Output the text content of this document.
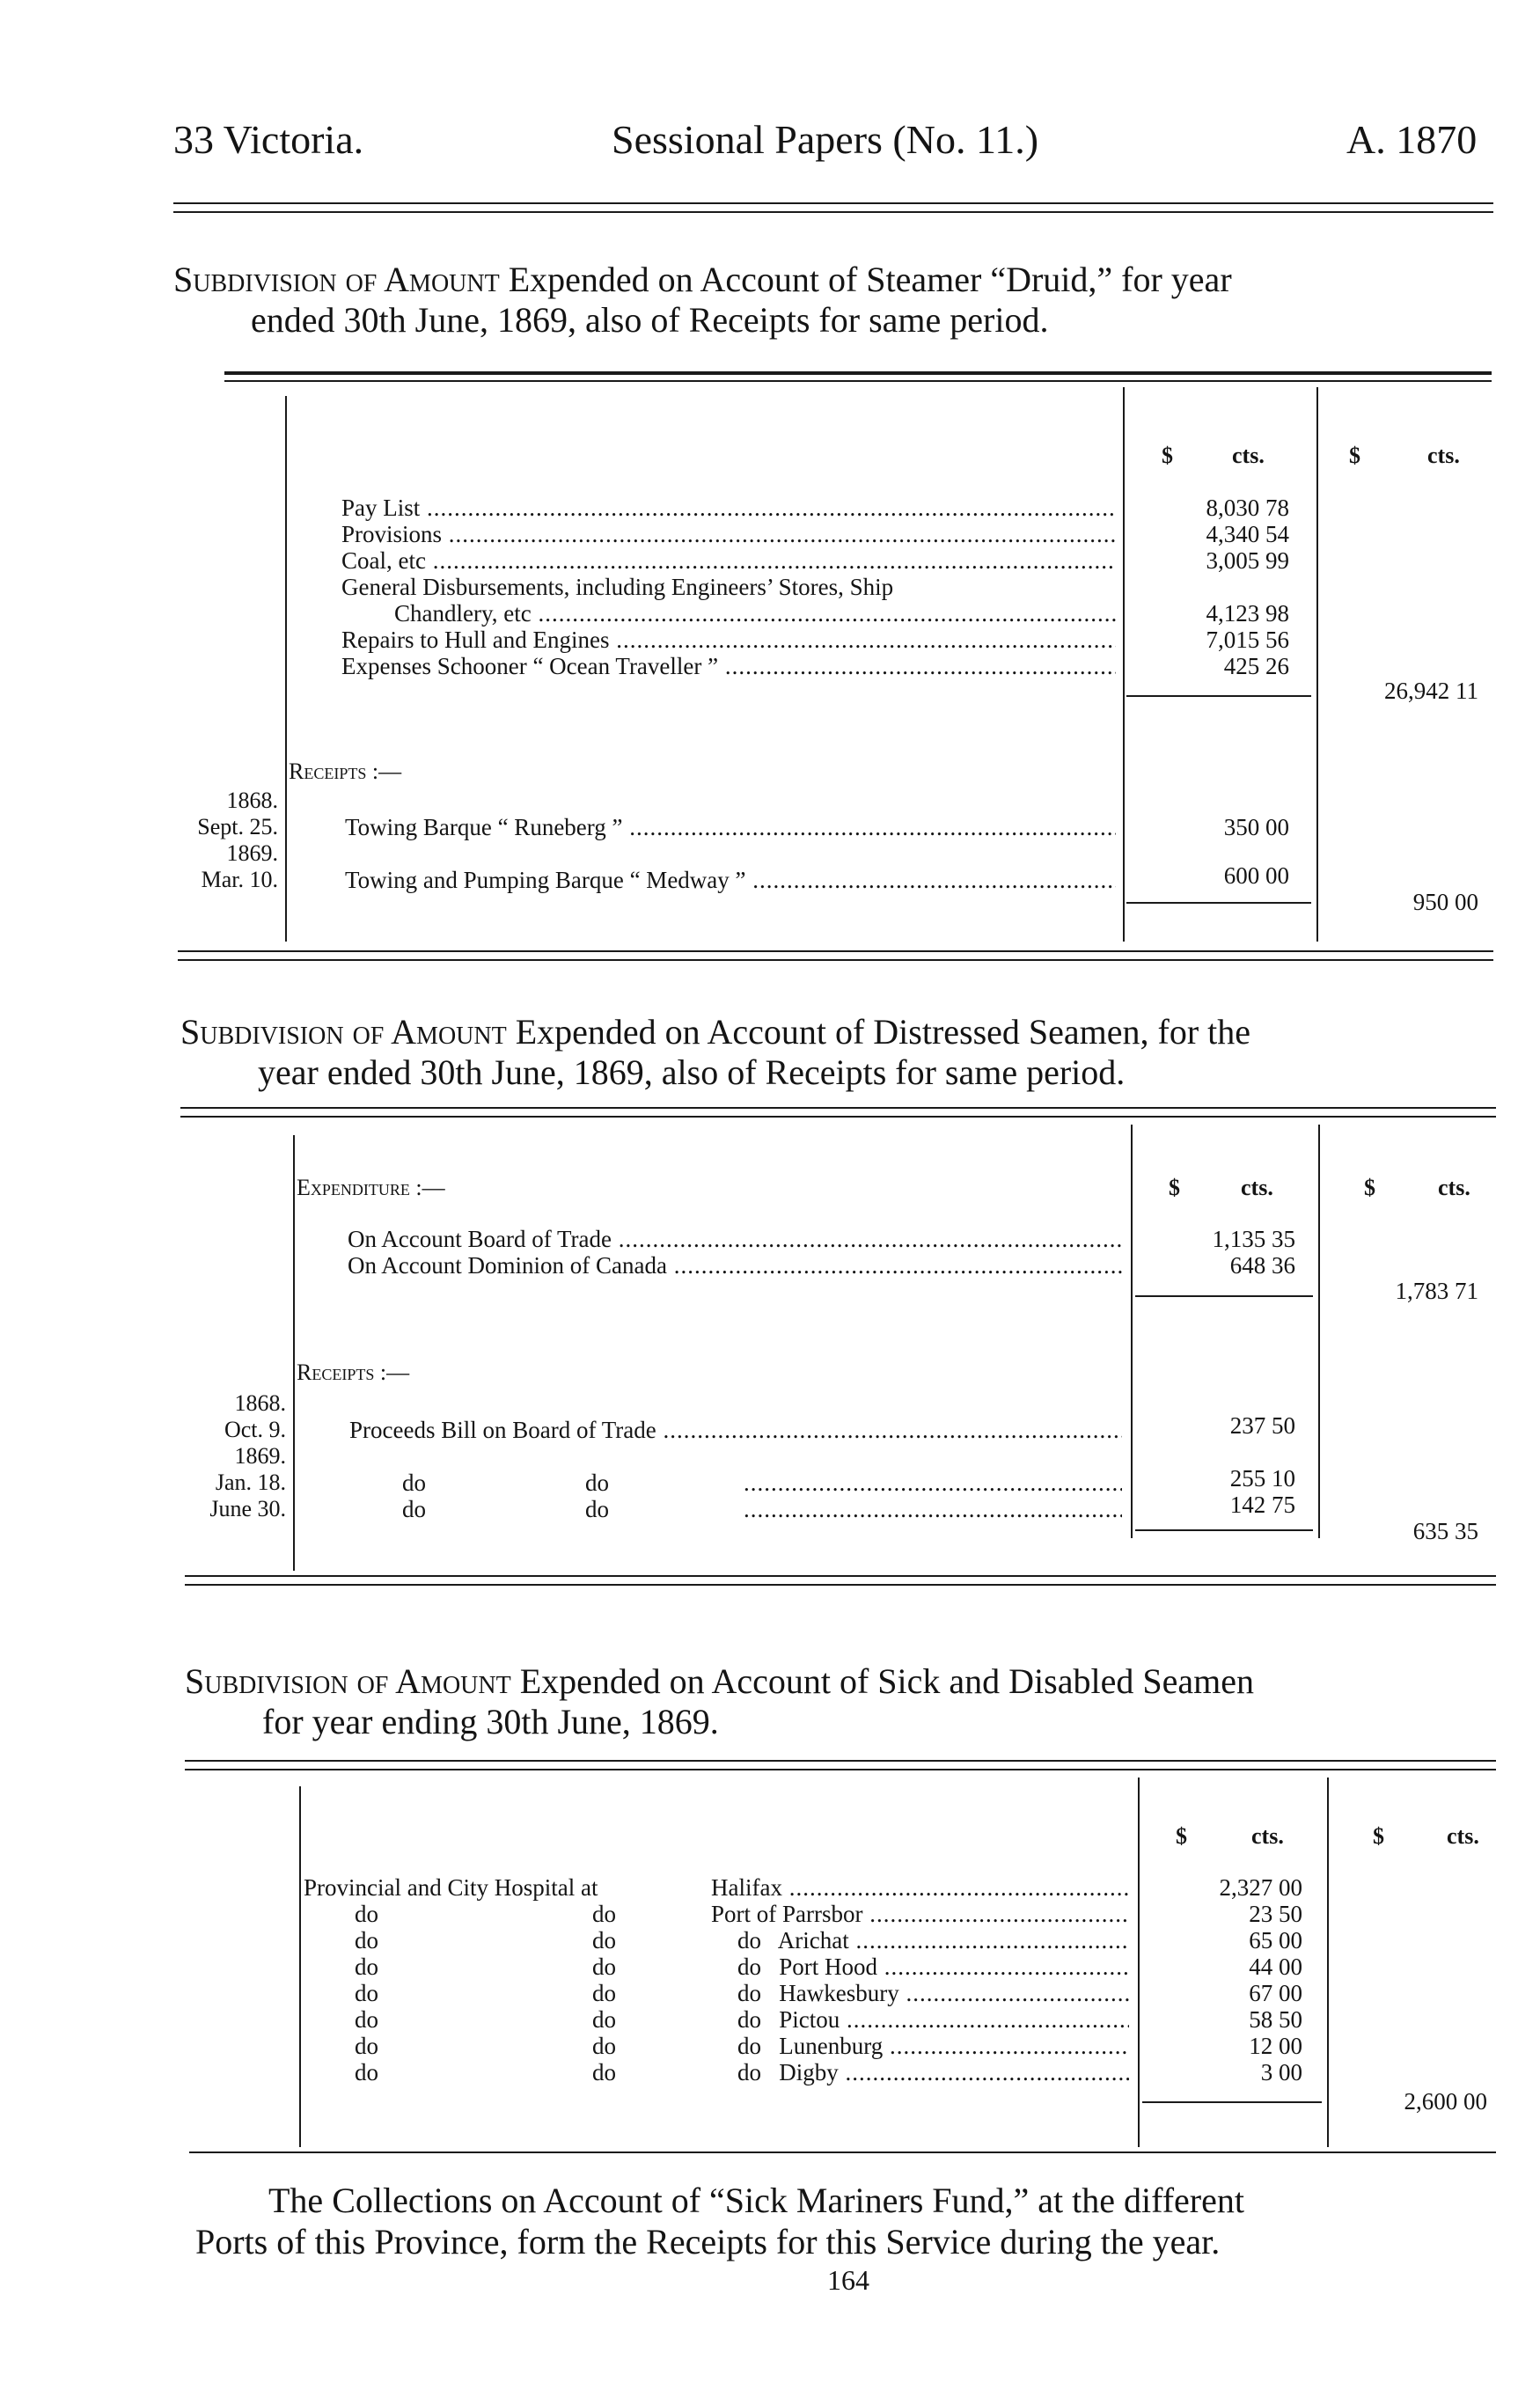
33 Victoria.	Sessional Papers (No. 11.)	A. 1870
Subdivision of Amount Expended on Account of Steamer “Druid,” for year
ended 30th June, 1869, also of Receipts for same period.
$	cts.	$	cts.
Pay List .....	8,030 78
Provisions .....	4,340 54
Coal, etc .....	3,005 99
General Disbursements, including Engineers’ Stores, Ship
Chandlery, etc .....	4,123 98
Repairs to Hull and Engines .....	7,015 56
Expenses Schooner “ Ocean Traveller ” .....	425 26
26,942 11
Receipts :—
1868.
Sept. 25.	Towing Barque “ Runeberg ” .....	350 00
1869.
Mar. 10.	Towing and Pumping Barque “ Medway ” .....	600 00
950 00
Subdivision of Amount Expended on Account of Distressed Seamen, for the
year ended 30th June, 1869, also of Receipts for same period.
Expenditure :—	$	cts.	$	cts.
On Account Board of Trade .....	1,135 35
On Account Dominion of Canada .....	648 36
1,783 71
Receipts :—
1868.
Oct. 9.	Proceeds Bill on Board of Trade .....	237 50
1869.
Jan. 18.	do	do .....	255 10
June 30.	do	do .....	142 75
635 35
Subdivision of Amount Expended on Account of Sick and Disabled Seamen
for year ending 30th June, 1869.
$	cts.	$	cts.
Provincial and City Hospital at	Halifax .....	2,327 00
do	do	Port of Parrsbor .....	23 50
do	do	do   Arichat .....	65 00
do	do	do   Port Hood .....	44 00
do	do	do   Hawkesbury .....	67 00
do	do	do   Pictou .....	58 50
do	do	do   Lunenburg .....	12 00
do	do	do   Digby .....	3 00
2,600 00
The Collections on Account of “Sick Mariners Fund,” at the different
Ports of this Province, form the Receipts for this Service during the year.
164
